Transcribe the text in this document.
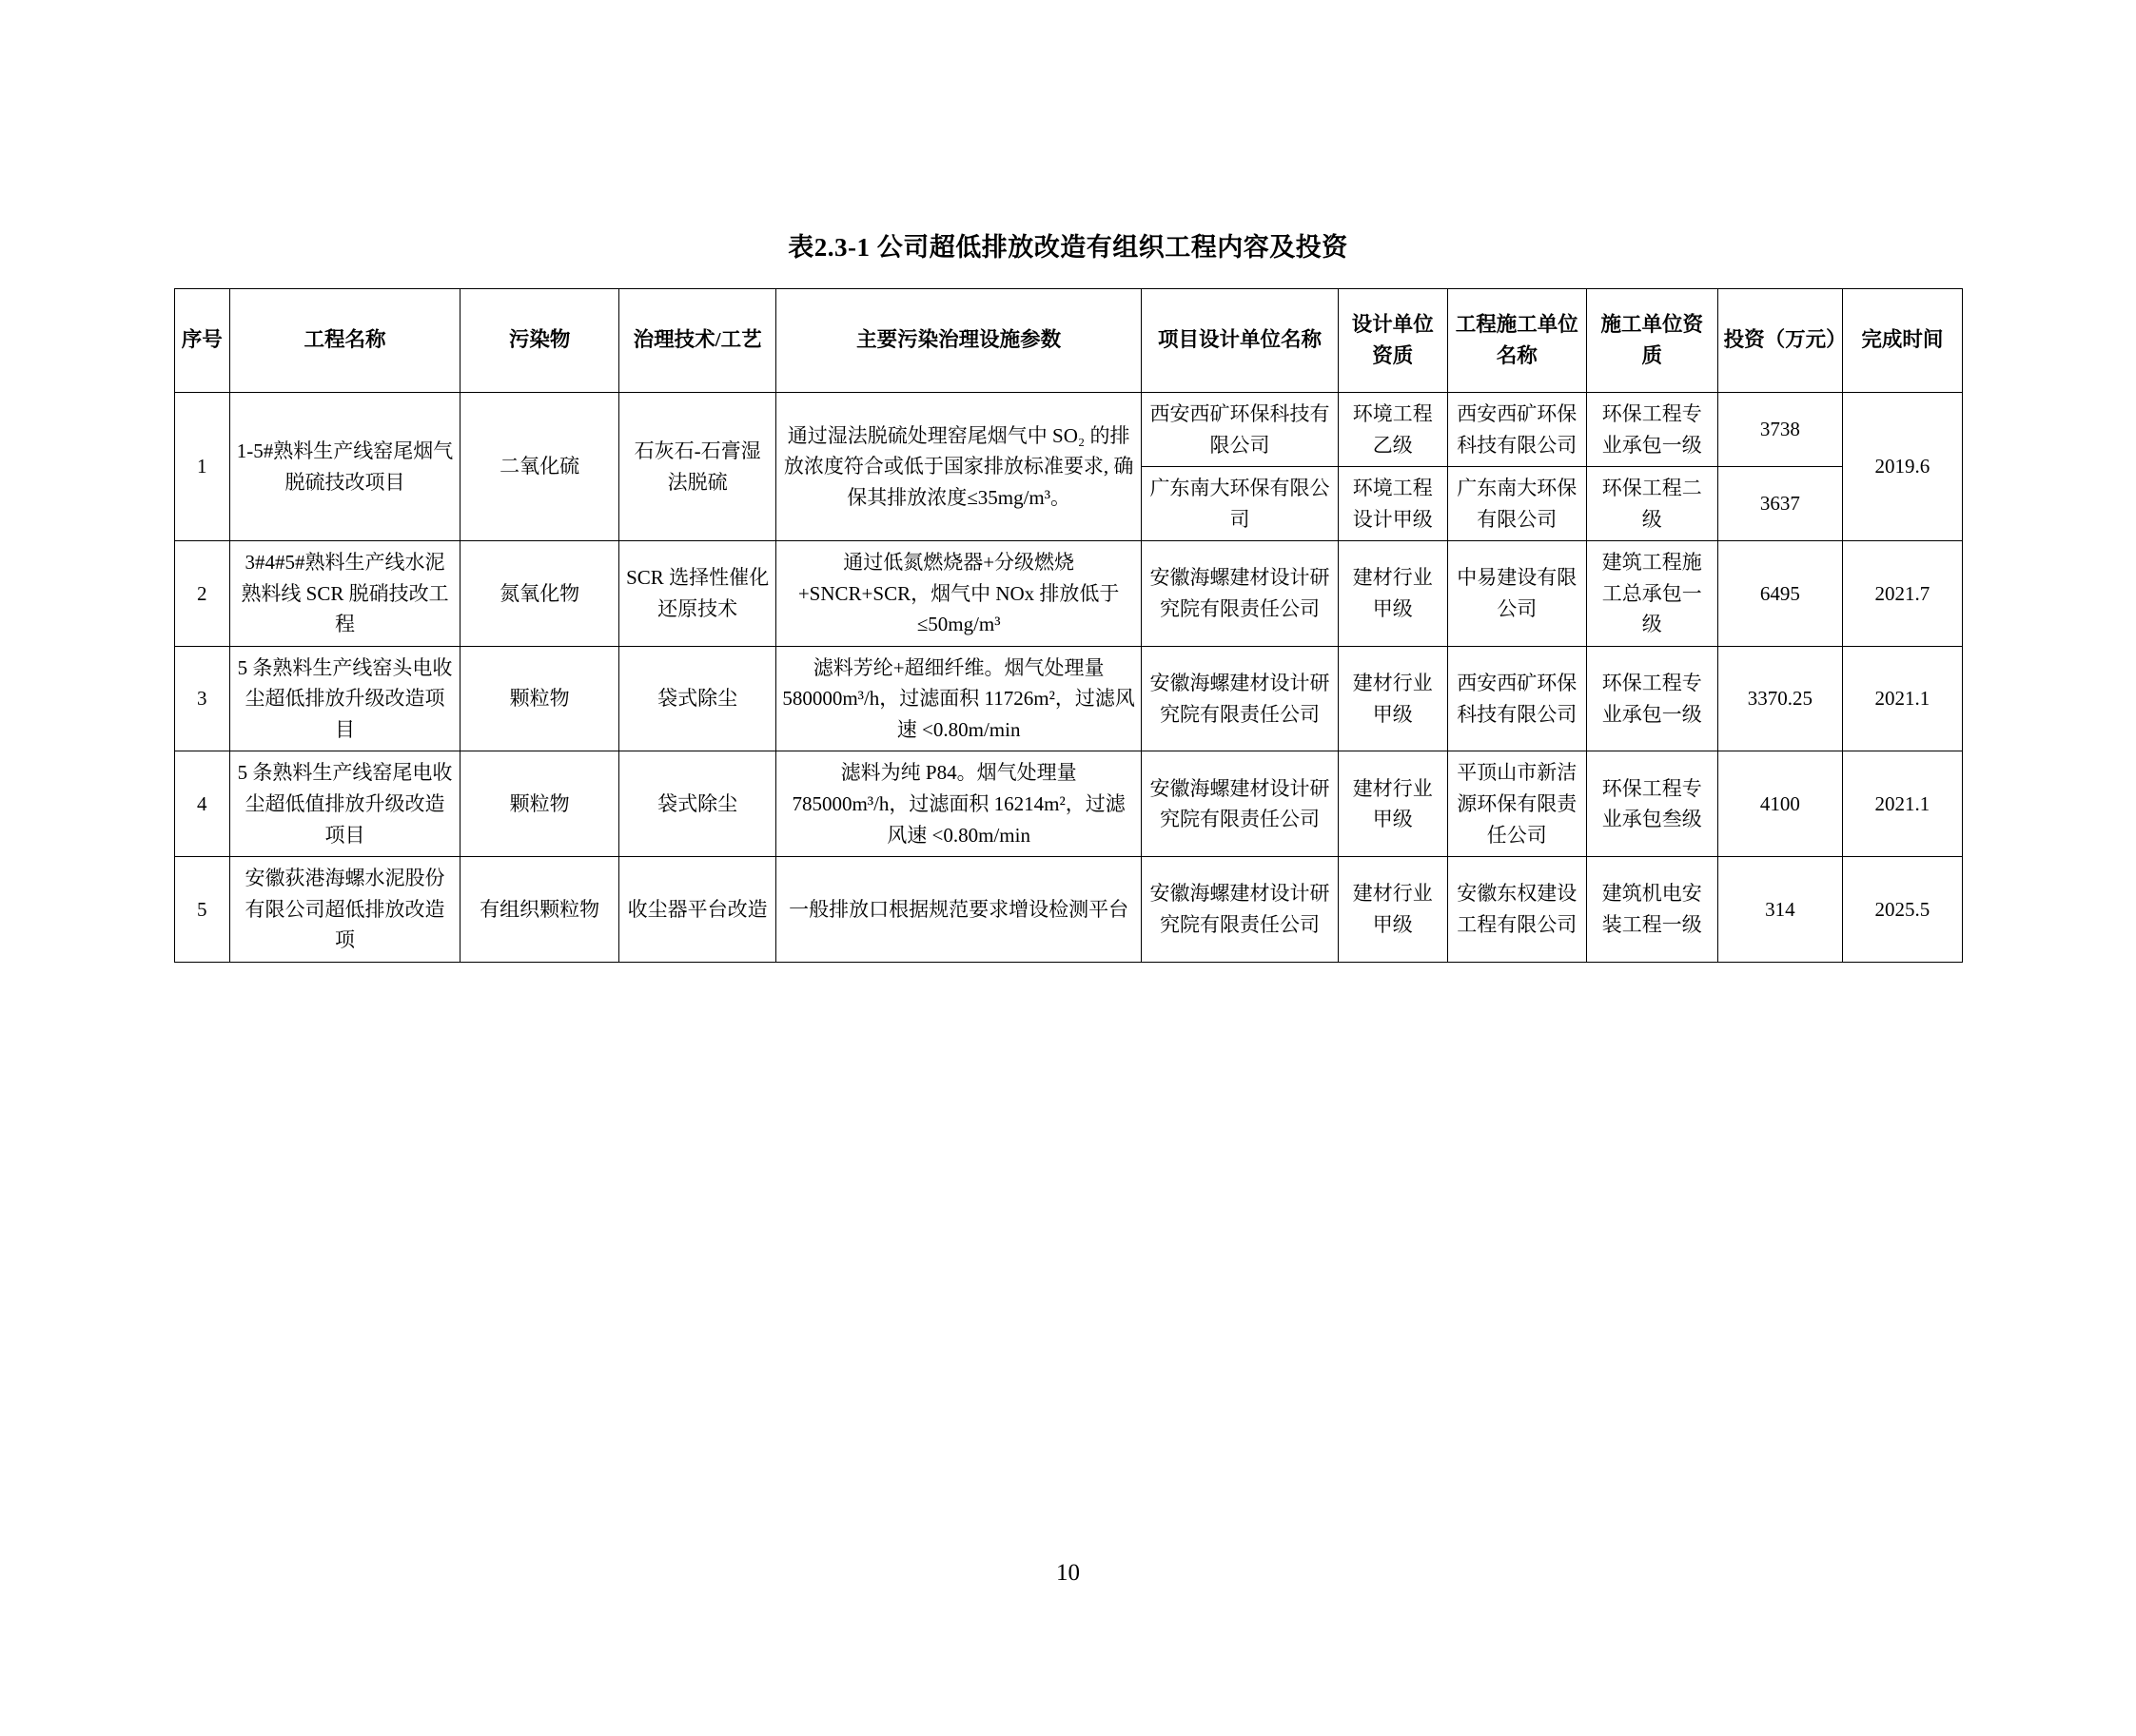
表2.3-1 公司超低排放改造有组织工程内容及投资
序号	工程名称	污染物	治理技术/工艺	主要污染治理设施参数	项目设计单位名称	设计单位资质	工程施工单位名称	施工单位资质	投资（万元）	完成时间
1	1-5#熟料生产线窑尾烟气脱硫技改项目	二氧化硫	石灰石-石膏湿法脱硫	通过湿法脱硫处理窑尾烟气中 SO₂ 的排放浓度符合或低于国家排放标准要求, 确保其排放浓度≤35mg/m³。	西安西矿环保科技有限公司	环境工程乙级	西安西矿环保科技有限公司	环保工程专业承包一级	3738	2019.6
					广东南大环保有限公司	环境工程设计甲级	广东南大环保有限公司	环保工程二级	3637	
2	3#4#5#熟料生产线水泥熟料线 SCR 脱硝技改工程	氮氧化物	SCR 选择性催化还原技术	通过低氮燃烧器+分级燃烧+SNCR+SCR，烟气中 NOx 排放低于≤50mg/m³	安徽海螺建材设计研究院有限责任公司	建材行业甲级	中易建设有限公司	建筑工程施工总承包一级	6495	2021.7
3	5 条熟料生产线窑头电收尘超低排放升级改造项目	颗粒物	袋式除尘	滤料芳纶+超细纤维。烟气处理量 580000m³/h，过滤面积 11726m²，过滤风速 <0.80m/min	安徽海螺建材设计研究院有限责任公司	建材行业甲级	西安西矿环保科技有限公司	环保工程专业承包一级	3370.25	2021.1
4	5 条熟料生产线窑尾电收尘超低值排放升级改造项目	颗粒物	袋式除尘	滤料为纯 P84。烟气处理量 785000m³/h，过滤面积 16214m²，过滤风速 <0.80m/min	安徽海螺建材设计研究院有限责任公司	建材行业甲级	平顶山市新洁源环保有限责任公司	环保工程专业承包叁级	4100	2021.1
5	安徽荻港海螺水泥股份有限公司超低排放改造项	有组织颗粒物	收尘器平台改造	一般排放口根据规范要求增设检测平台	安徽海螺建材设计研究院有限责任公司	建材行业甲级	安徽东权建设工程有限公司	建筑机电安装工程一级	314	2025.5
10
